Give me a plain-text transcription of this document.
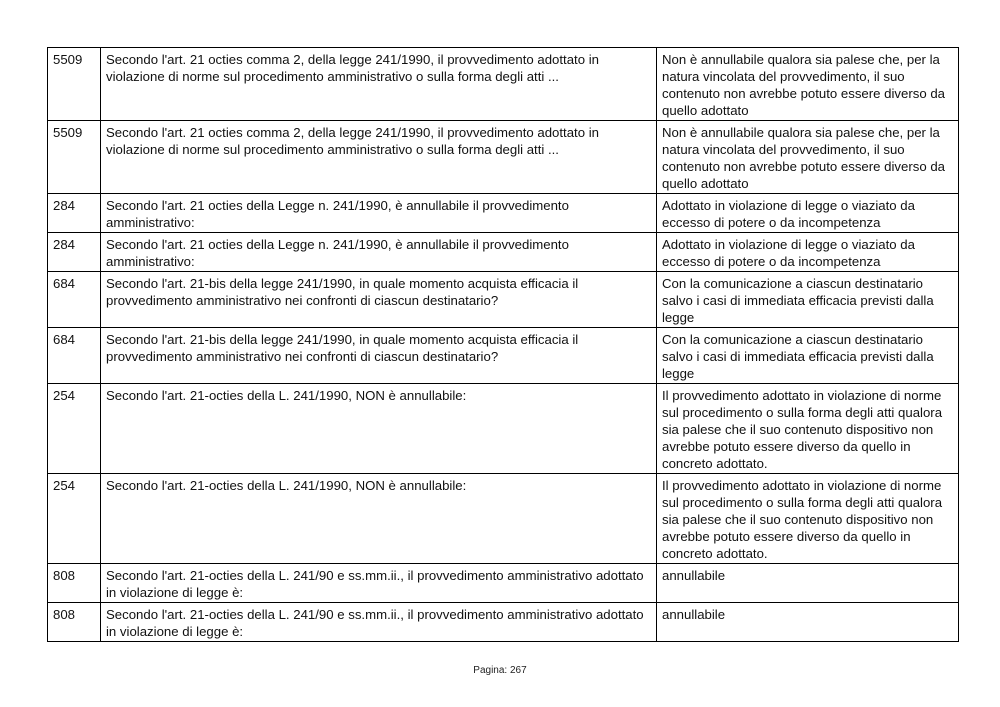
5509	Secondo l'art. 21 octies comma 2, della legge 241/1990, il provvedimento adottato in violazione di norme sul procedimento amministrativo o sulla forma degli atti ...	Non è annullabile qualora sia palese che, per la natura vincolata del provvedimento, il suo contenuto non avrebbe potuto essere diverso da quello adottato
5509	Secondo l'art. 21 octies comma 2, della legge 241/1990, il provvedimento adottato in violazione di norme sul procedimento amministrativo o sulla forma degli atti ...	Non è annullabile qualora sia palese che, per la natura vincolata del provvedimento, il suo contenuto non avrebbe potuto essere diverso da quello adottato
284	Secondo l'art. 21 octies della Legge n. 241/1990, è annullabile il provvedimento amministrativo:	Adottato in violazione di legge o viaziato da eccesso di potere o da incompetenza
284	Secondo l'art. 21 octies della Legge n. 241/1990, è annullabile il provvedimento amministrativo:	Adottato in violazione di legge o viaziato da eccesso di potere o da incompetenza
684	Secondo l'art. 21-bis della legge 241/1990, in quale momento acquista efficacia il provvedimento amministrativo nei confronti di ciascun destinatario?	Con la comunicazione a ciascun destinatario salvo i casi di immediata efficacia previsti dalla legge
684	Secondo l'art. 21-bis della legge 241/1990, in quale momento acquista efficacia il provvedimento amministrativo nei confronti di ciascun destinatario?	Con la comunicazione a ciascun destinatario salvo i casi di immediata efficacia previsti dalla legge
254	Secondo l'art. 21-octies della L. 241/1990, NON è annullabile:	Il provvedimento adottato in violazione di norme sul procedimento o sulla forma degli atti qualora sia palese che il suo contenuto dispositivo non avrebbe potuto essere diverso da quello in concreto adottato.
254	Secondo l'art. 21-octies della L. 241/1990, NON è annullabile:	Il provvedimento adottato in violazione di norme sul procedimento o sulla forma degli atti qualora sia palese che il suo contenuto dispositivo non avrebbe potuto essere diverso da quello in concreto adottato.
808	Secondo l'art. 21-octies della L. 241/90 e ss.mm.ii., il provvedimento amministrativo adottato in violazione di legge è:	annullabile
808	Secondo l'art. 21-octies della L. 241/90 e ss.mm.ii., il provvedimento amministrativo adottato in violazione di legge è:	annullabile
Pagina: 267
